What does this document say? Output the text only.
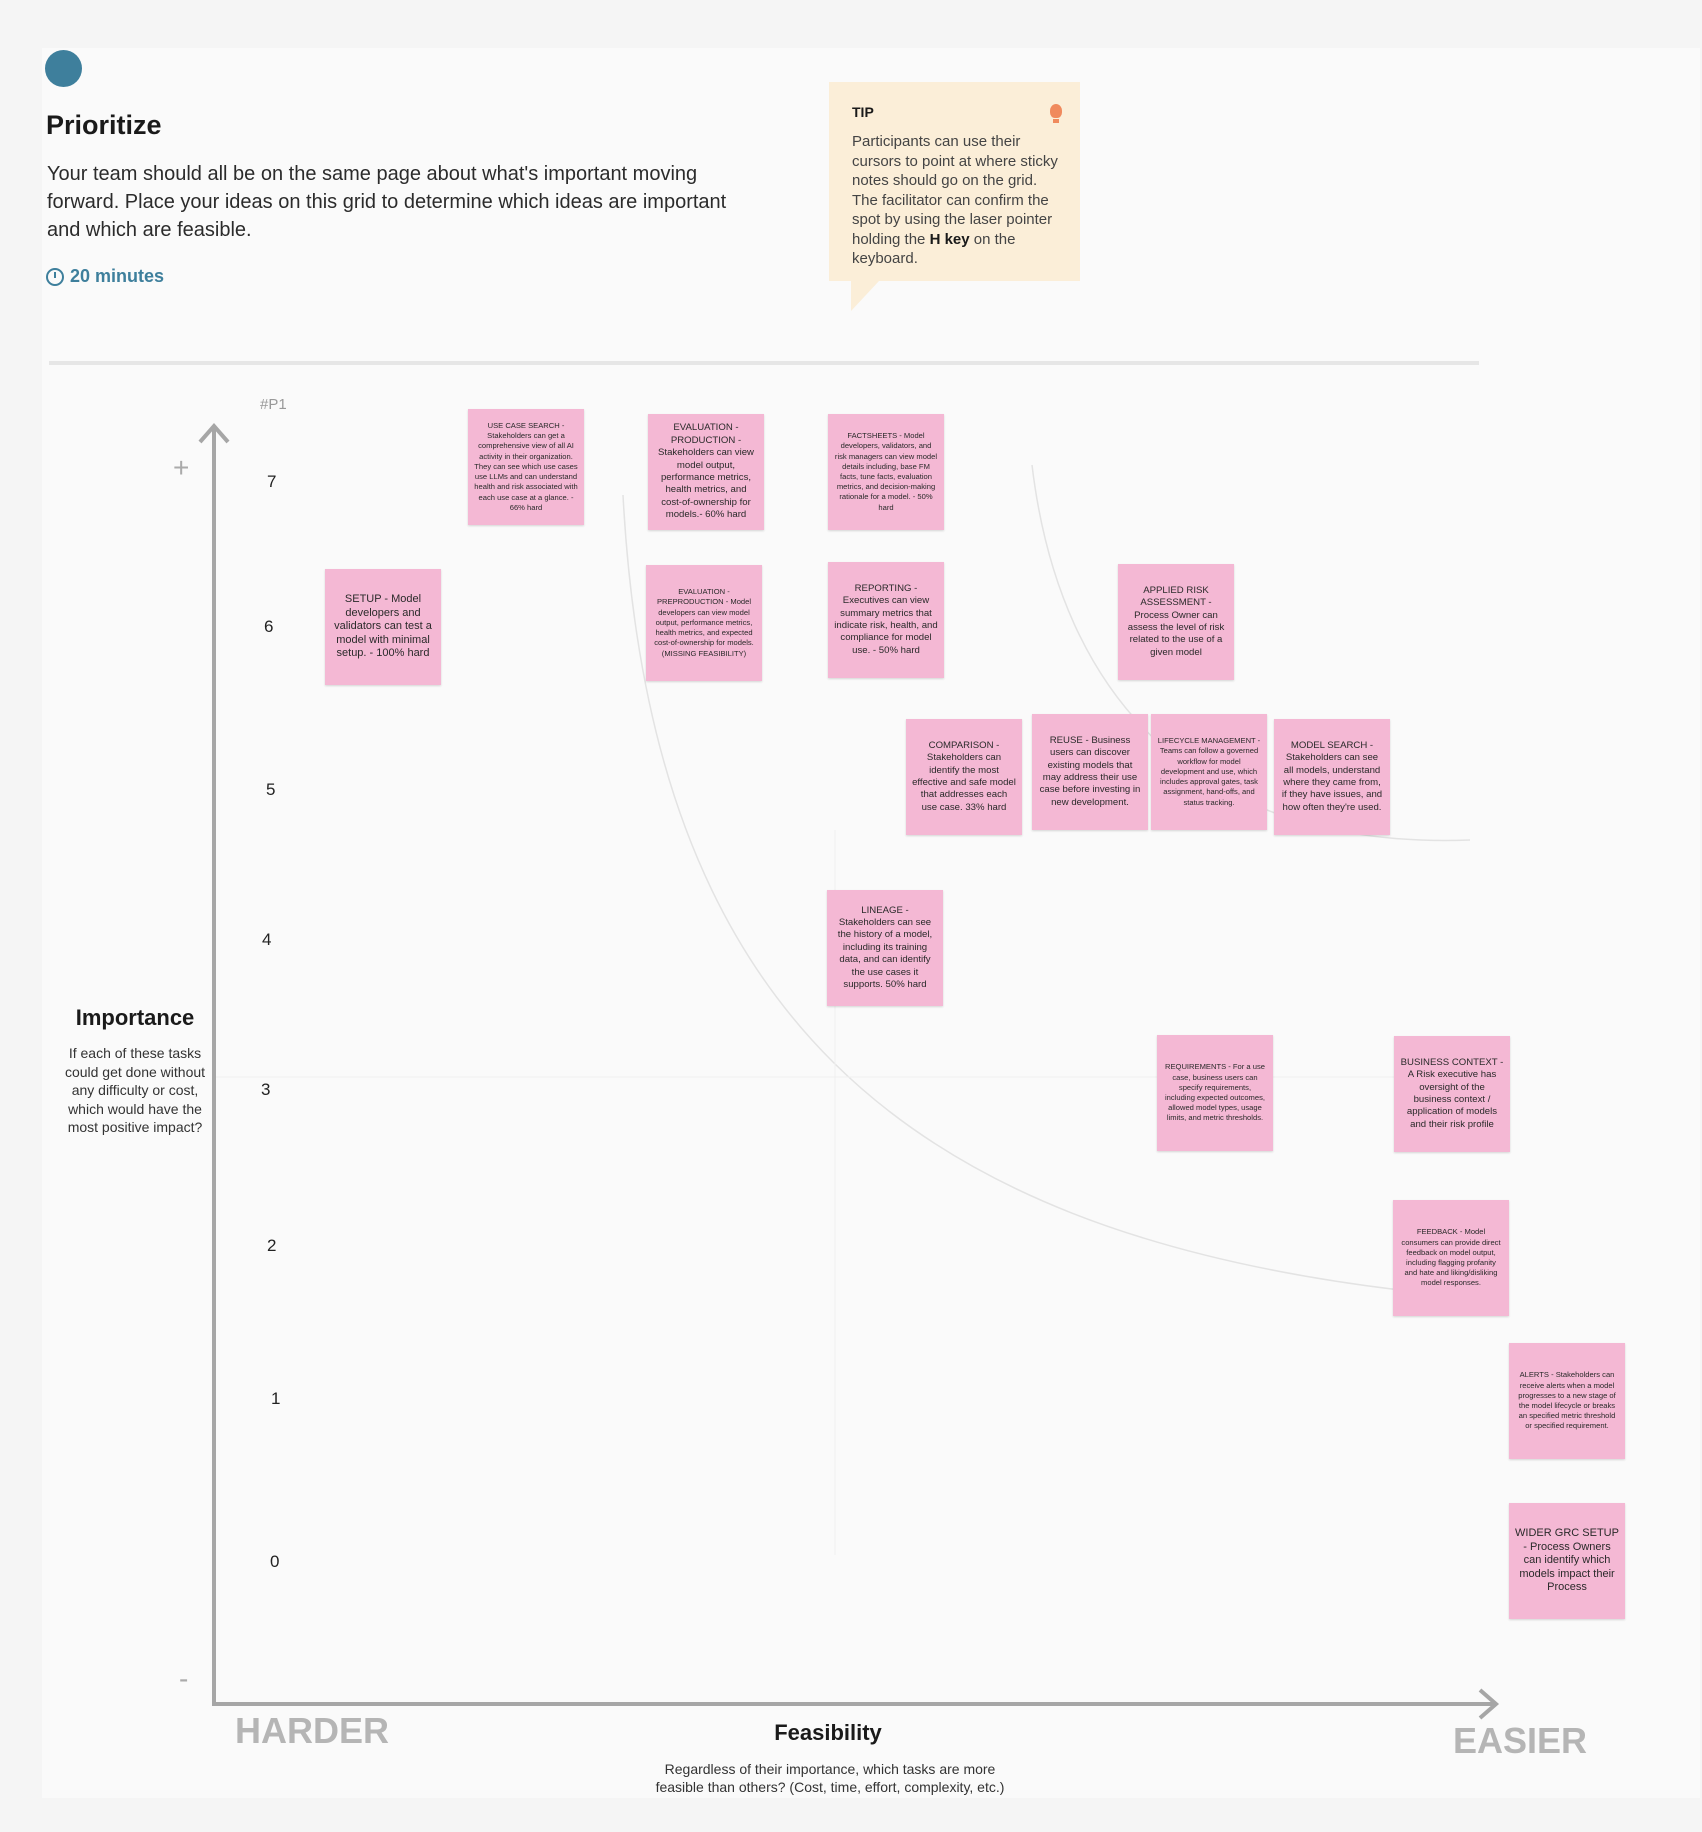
Prioritize
Your team should all be on the same page about what's important moving forward. Place your ideas on this grid to determine which ideas are important and which are feasible.
20 minutes
TIP
Participants can use their cursors to point at where sticky notes should go on the grid. The facilitator can confirm the spot by using the laser pointer holding the H key on the keyboard.
#P1
+
-
7
6
5
4
3
2
1
0
Importance
If each of these tasks could get done without any difficulty or cost, which would have the most positive impact?
HARDER	EASIER
Feasibility
Regardless of their importance, which tasks are more feasible than others? (Cost, time, effort, complexity, etc.)
USE CASE SEARCH - Stakeholders can get a comprehensive view of all AI activity in their organization. They can see which use cases use LLMs and can understand health and risk associated with each use case at a glance. - 66% hard
EVALUATION - PRODUCTION - Stakeholders can view model output, performance metrics, health metrics, and cost-of-ownership for models.- 60% hard
FACTSHEETS - Model developers, validators, and risk managers can view model details including, base FM facts, tune facts, evaluation metrics, and decision-making rationale for a model. - 50% hard
SETUP - Model developers and validators can test a model with minimal setup. - 100% hard
EVALUATION - PREPRODUCTION - Model developers can view model output, performance metrics, health metrics, and expected cost-of-ownership for models. (MISSING FEASIBILITY)
REPORTING - Executives can view summary metrics that indicate risk, health, and compliance for model use. - 50% hard
APPLIED RISK ASSESSMENT - Process Owner can assess the level of risk related to the use of a given model
COMPARISON - Stakeholders can identify the most effective and safe model that addresses each use case. 33% hard
REUSE - Business users can discover existing models that may address their use case before investing in new development.
LIFECYCLE MANAGEMENT - Teams can follow a governed workflow for model development and use, which includes approval gates, task assignment, hand-offs, and status tracking.
MODEL SEARCH - Stakeholders can see all models, understand where they came from, if they have issues, and how often they're used.
LINEAGE - Stakeholders can see the history of a model, including its training data, and can identify the use cases it supports. 50% hard
REQUIREMENTS - For a use case, business users can specify requirements, including expected outcomes, allowed model types, usage limits, and metric thresholds.
BUSINESS CONTEXT - A Risk executive has oversight of the business context / application of models and their risk profile
FEEDBACK - Model consumers can provide direct feedback on model output, including flagging profanity and hate and liking/disliking model responses.
ALERTS - Stakeholders can receive alerts when a model progresses to a new stage of the model lifecycle or breaks an specified metric threshold or specified requirement.
WIDER GRC SETUP - Process Owners can identify which models impact their Process
